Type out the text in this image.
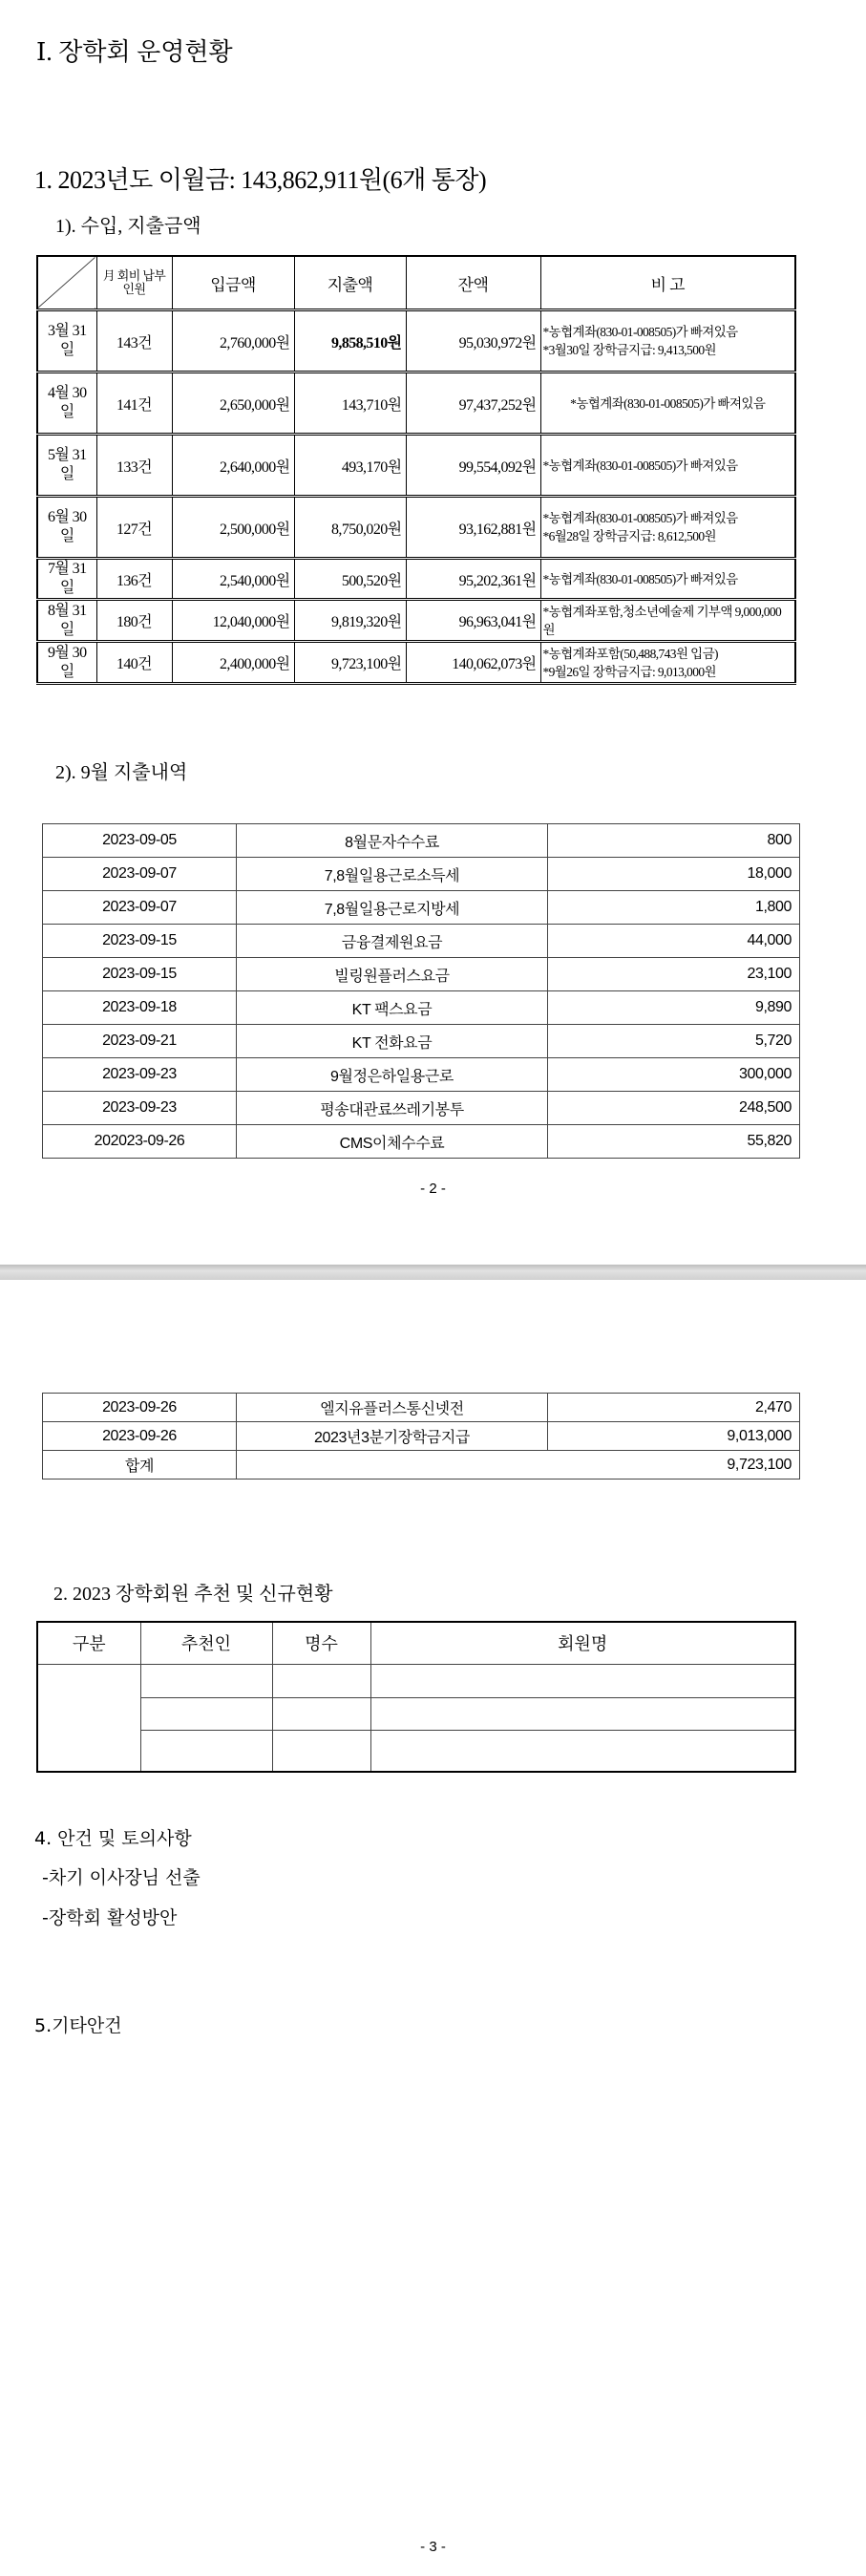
Ⅰ. 장학회 운영현황
1. 2023년도 이월금: 143,862,911원(6개 통장)
1). 수입, 지출금액
	月 회비 납부인원	입금액	지출액	잔액	비 고
3월 31일	143건	2,760,000원	9,858,510원	95,030,972원	*농협계좌(830-01-008505)가 빠져있음
*3월30일 장학금지급: 9,413,500원

4월 30일	141건	2,650,000원	143,710원	97,437,252원	*농협계좌(830-01-008505)가 빠져있음

5월 31일	133건	2,640,000원	493,170원	99,554,092원	*농협계좌(830-01-008505)가 빠져있음

6월 30일	127건	2,500,000원	8,750,020원	93,162,881원	*농협계좌(830-01-008505)가 빠져있음
*6월28일 장학금지급: 8,612,500원

7월 31일	136건	2,540,000원	500,520원	95,202,361원	*농협계좌(830-01-008505)가 빠져있음

8월 31일	180건	12,040,000원	9,819,320원	96,963,041원	*농협계좌포함,청소년예술제 기부액 9,000,000원

9월 30일	140건	2,400,000원	9,723,100원	140,062,073원	*농협계좌포함(50,488,743원 입금)
*9월26일 장학금지급: 9,013,000원
2). 9월 지출내역
2023-09-05	8월문자수수료	800
2023-09-07	7,8월일용근로소득세	18,000
2023-09-07	7,8월일용근로지방세	1,800
2023-09-15	금융결제원요금	44,000
2023-09-15	빌링원플러스요금	23,100
2023-09-18	KT 팩스요금	9,890
2023-09-21	KT 전화요금	5,720
2023-09-23	9월정은하일용근로	300,000
2023-09-23	평송대관료쓰레기봉투	248,500
202023-09-26	CMS이체수수료	55,820
- 2 -
2023-09-26	엘지유플러스통신넷전	2,470
2023-09-26	2023년3분기장학금지급	9,013,000
합계	9,723,100	
2. 2023 장학회원 추천 및 신규현황
구분	추천인	명수	회원명

4. 안건 및 토의사항
-차기 이사장님 선출
-장학회 활성방안
5.기타안건
- 3 -
